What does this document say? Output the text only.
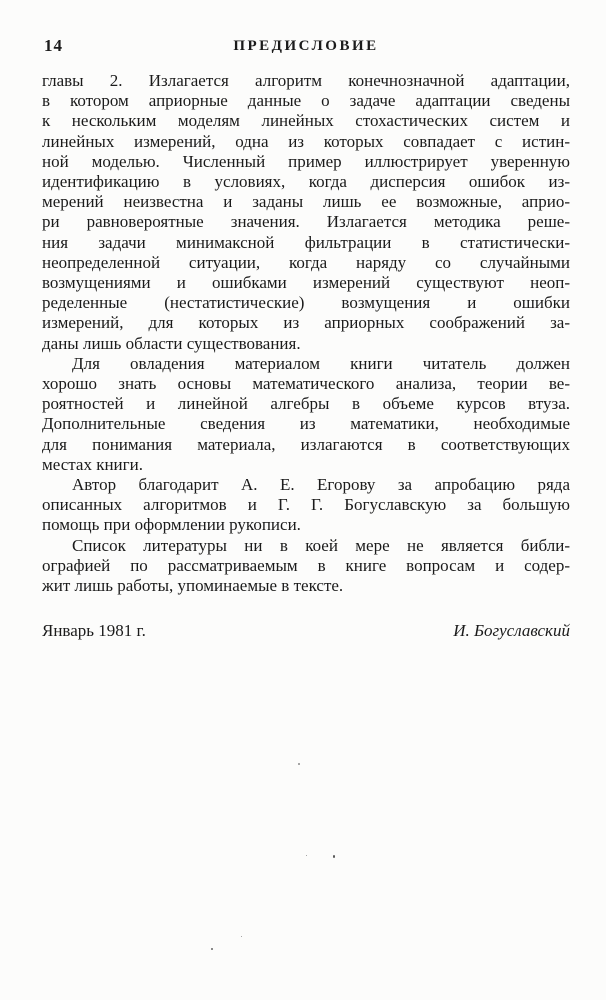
14	ПРЕДИСЛОВИЕ
главы 2. Излагается алгоритм конечнозначной адаптации,
в котором априорные данные о задаче адаптации сведены
к нескольким моделям линейных стохастических систем и
линейных измерений, одна из которых совпадает с истин-
ной моделью. Численный пример иллюстрирует уверенную
идентификацию в условиях, когда дисперсия ошибок из-
мерений неизвестна и заданы лишь ее возможные, априо-
ри равновероятные значения. Излагается методика реше-
ния задачи минимаксной фильтрации в статистически-
неопределенной ситуации, когда наряду со случайными
возмущениями и ошибками измерений существуют неоп-
ределенные (нестатистические) возмущения и ошибки
измерений, для которых из априорных соображений за-
даны лишь области существования.
Для овладения материалом книги читатель должен
хорошо знать основы математического анализа, теории ве-
роятностей и линейной алгебры в объеме курсов втуза.
Дополнительные сведения из математики, необходимые
для понимания материала, излагаются в соответствующих
местах книги.
Автор благодарит А. Е. Егорову за апробацию ряда
описанных алгоритмов и Г. Г. Богуславскую за большую
помощь при оформлении рукописи.
Список литературы ни в коей мере не является библи-
ографией по рассматриваемым в книге вопросам и содер-
жит лишь работы, упоминаемые в тексте.
Январь 1981 г.	И. Богуславский
